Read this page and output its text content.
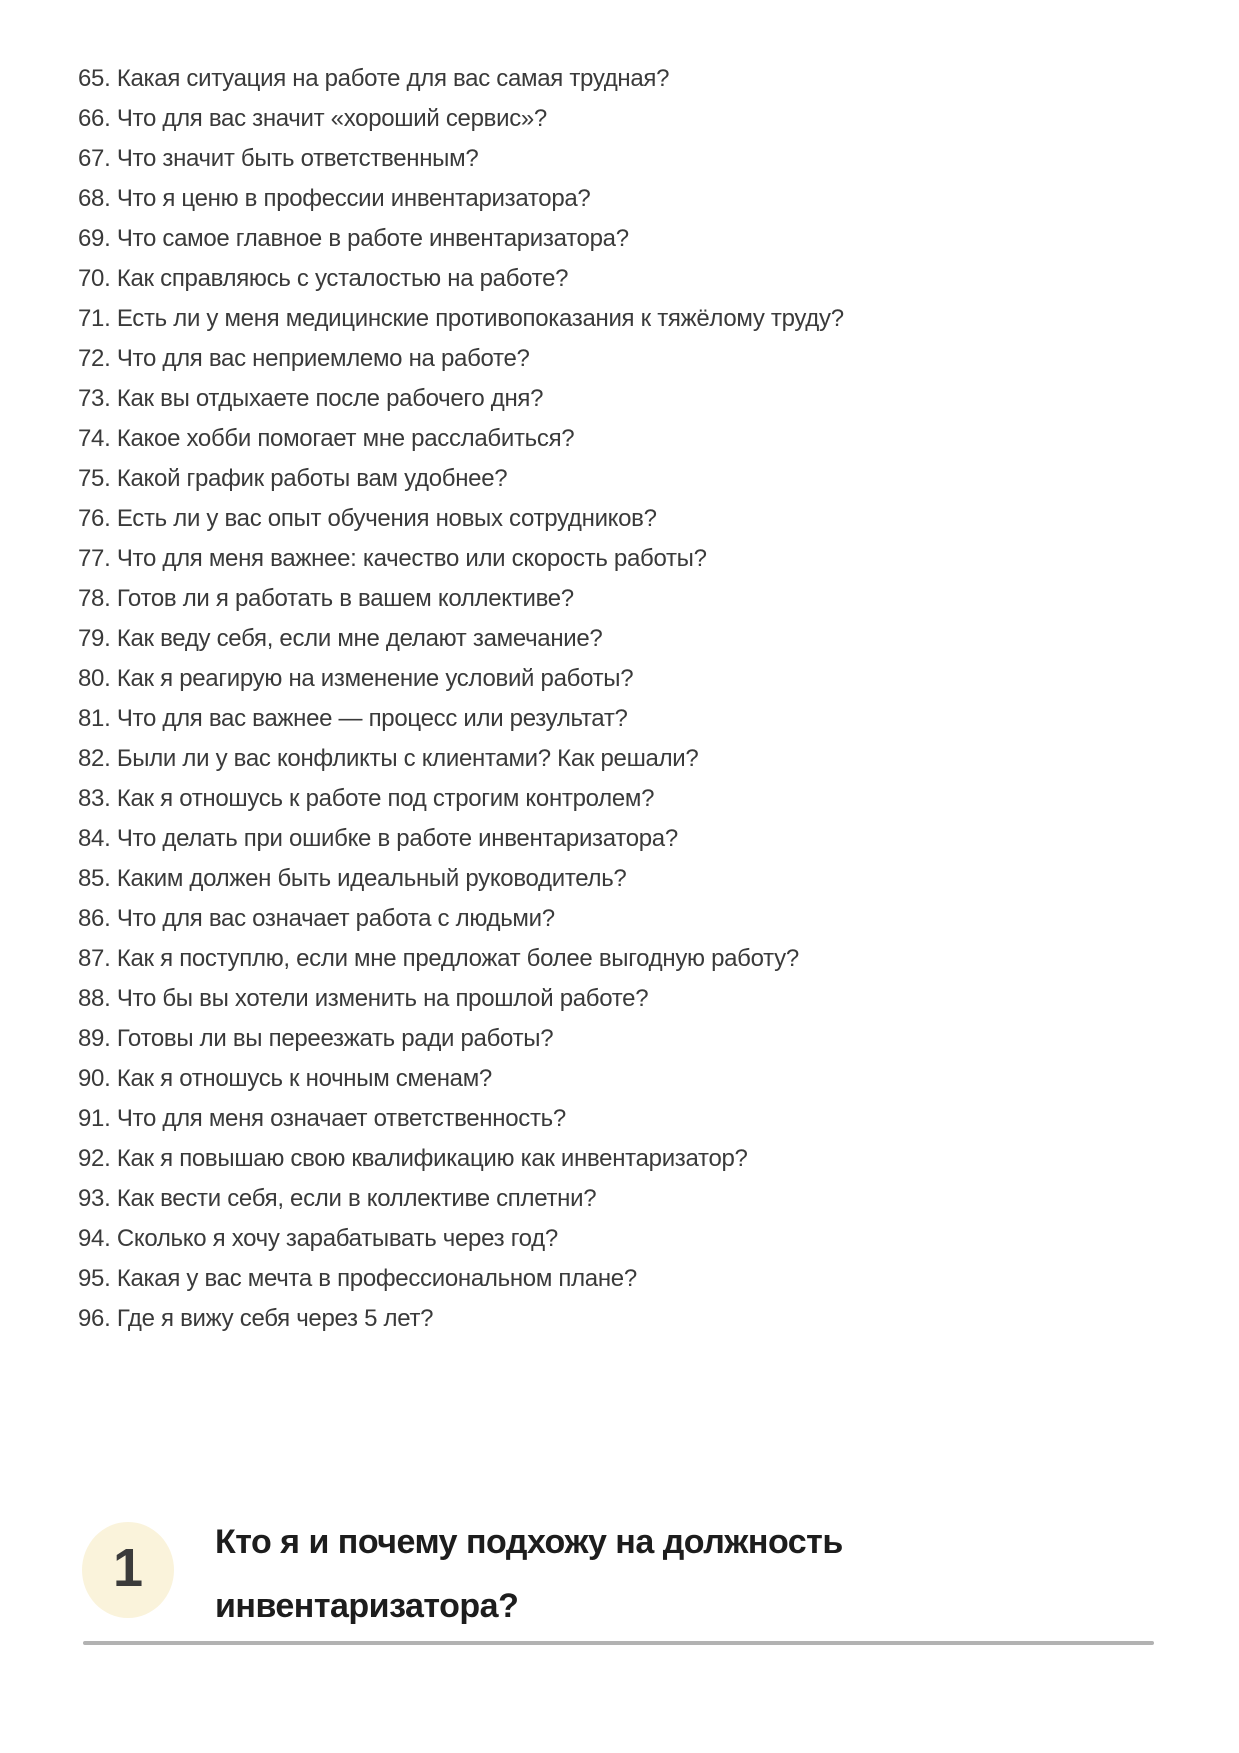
65. Какая ситуация на работе для вас самая трудная?
66. Что для вас значит «хороший сервис»?
67. Что значит быть ответственным?
68. Что я ценю в профессии инвентаризатора?
69. Что самое главное в работе инвентаризатора?
70. Как справляюсь с усталостью на работе?
71. Есть ли у меня медицинские противопоказания к тяжёлому труду?
72. Что для вас неприемлемо на работе?
73. Как вы отдыхаете после рабочего дня?
74. Какое хобби помогает мне расслабиться?
75. Какой график работы вам удобнее?
76. Есть ли у вас опыт обучения новых сотрудников?
77. Что для меня важнее: качество или скорость работы?
78. Готов ли я работать в вашем коллективе?
79. Как веду себя, если мне делают замечание?
80. Как я реагирую на изменение условий работы?
81. Что для вас важнее — процесс или результат?
82. Были ли у вас конфликты с клиентами? Как решали?
83. Как я отношусь к работе под строгим контролем?
84. Что делать при ошибке в работе инвентаризатора?
85. Каким должен быть идеальный руководитель?
86. Что для вас означает работа с людьми?
87. Как я поступлю, если мне предложат более выгодную работу?
88. Что бы вы хотели изменить на прошлой работе?
89. Готовы ли вы переезжать ради работы?
90. Как я отношусь к ночным сменам?
91. Что для меня означает ответственность?
92. Как я повышаю свою квалификацию как инвентаризатор?
93. Как вести себя, если в коллективе сплетни?
94. Сколько я хочу зарабатывать через год?
95. Какая у вас мечта в профессиональном плане?
96. Где я вижу себя через 5 лет?
1 Кто я и почему подхожу на должность инвентаризатора?
